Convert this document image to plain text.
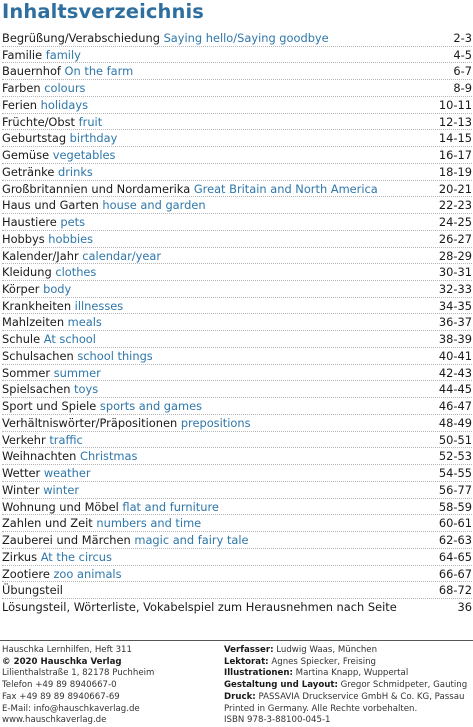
Inhaltsverzeichnis
Begrüßung/Verabschiedung Saying hello/Saying goodbye	2-3
Familie family	4-5
Bauernhof On the farm	6-7
Farben colours	8-9
Ferien holidays	10-11
Früchte/Obst fruit	12-13
Geburtstag birthday	14-15
Gemüse vegetables	16-17
Getränke drinks	18-19
Großbritannien und Nordamerika Great Britain and North America	20-21
Haus und Garten house and garden	22-23
Haustiere pets	24-25
Hobbys hobbies	26-27
Kalender/Jahr calendar/year	28-29
Kleidung clothes	30-31
Körper body	32-33
Krankheiten illnesses	34-35
Mahlzeiten meals	36-37
Schule At school	38-39
Schulsachen school things	40-41
Sommer summer	42-43
Spielsachen toys	44-45
Sport und Spiele sports and games	46-47
Verhältniswörter/Präpositionen prepositions	48-49
Verkehr traffic	50-51
Weihnachten Christmas	52-53
Wetter weather	54-55
Winter winter	56-77
Wohnung und Möbel flat and furniture	58-59
Zahlen und Zeit numbers and time	60-61
Zauberei und Märchen magic and fairy tale	62-63
Zirkus At the circus	64-65
Zootiere zoo animals	66-67
Übungsteil	68-72
Lösungsteil, Wörterliste, Vokabelspiel zum Herausnehmen nach Seite	36
Hauschka Lernhilfen, Heft 311
© 2020 Hauschka Verlag
Lilienthalstraße 1, 82178 Puchheim
Telefon +49 89 8940667-0
Fax +49 89 89 8940667-69
E-Mail: info@hauschkaverlag.de
www.hauschkaverlag.de
Verfasser: Ludwig Waas, München
Lektorat: Agnes Spiecker, Freising
Illustrationen: Martina Knapp, Wuppertal
Gestaltung und Layout: Gregor Schmidpeter, Gauting
Druck: PASSAVIA Druckservice GmbH & Co. KG, Passau
Printed in Germany. Alle Rechte vorbehalten.
ISBN 978-3-88100-045-1
